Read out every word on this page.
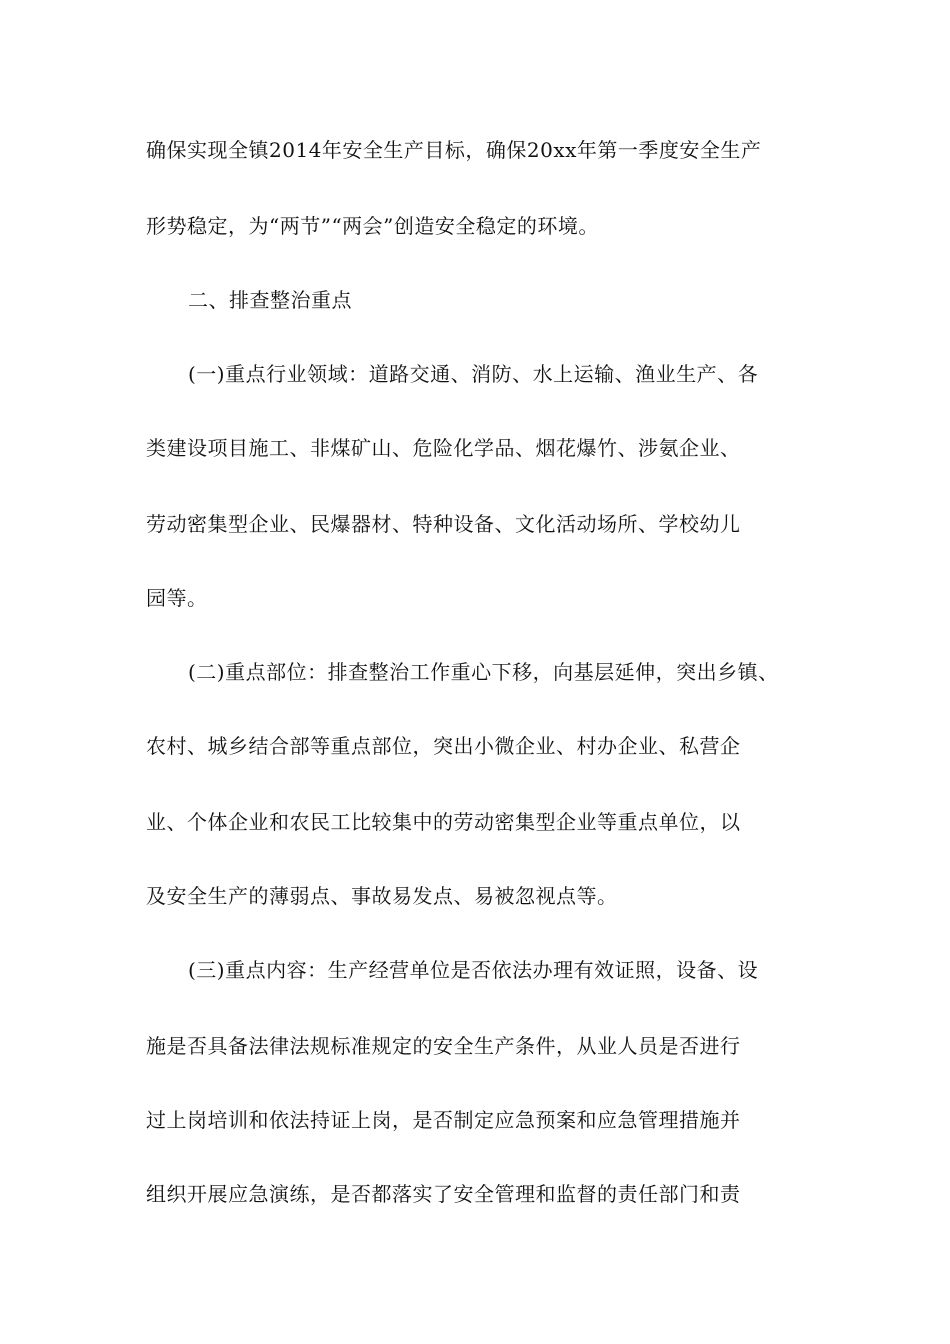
确保实现全镇2014年安全生产目标，确保20xx年第一季度安全生产
形势稳定，为“两节”“两会”创造安全稳定的环境。
二、排查整治重点
(一)重点行业领域：道路交通、消防、水上运输、渔业生产、各
类建设项目施工、非煤矿山、危险化学品、烟花爆竹、涉氨企业、
劳动密集型企业、民爆器材、特种设备、文化活动场所、学校幼儿
园等。
(二)重点部位：排查整治工作重心下移，向基层延伸，突出乡镇、
农村、城乡结合部等重点部位，突出小微企业、村办企业、私营企
业、个体企业和农民工比较集中的劳动密集型企业等重点单位，以
及安全生产的薄弱点、事故易发点、易被忽视点等。
(三)重点内容：生产经营单位是否依法办理有效证照，设备、设
施是否具备法律法规标准规定的安全生产条件，从业人员是否进行
过上岗培训和依法持证上岗，是否制定应急预案和应急管理措施并
组织开展应急演练，是否都落实了安全管理和监督的责任部门和责
